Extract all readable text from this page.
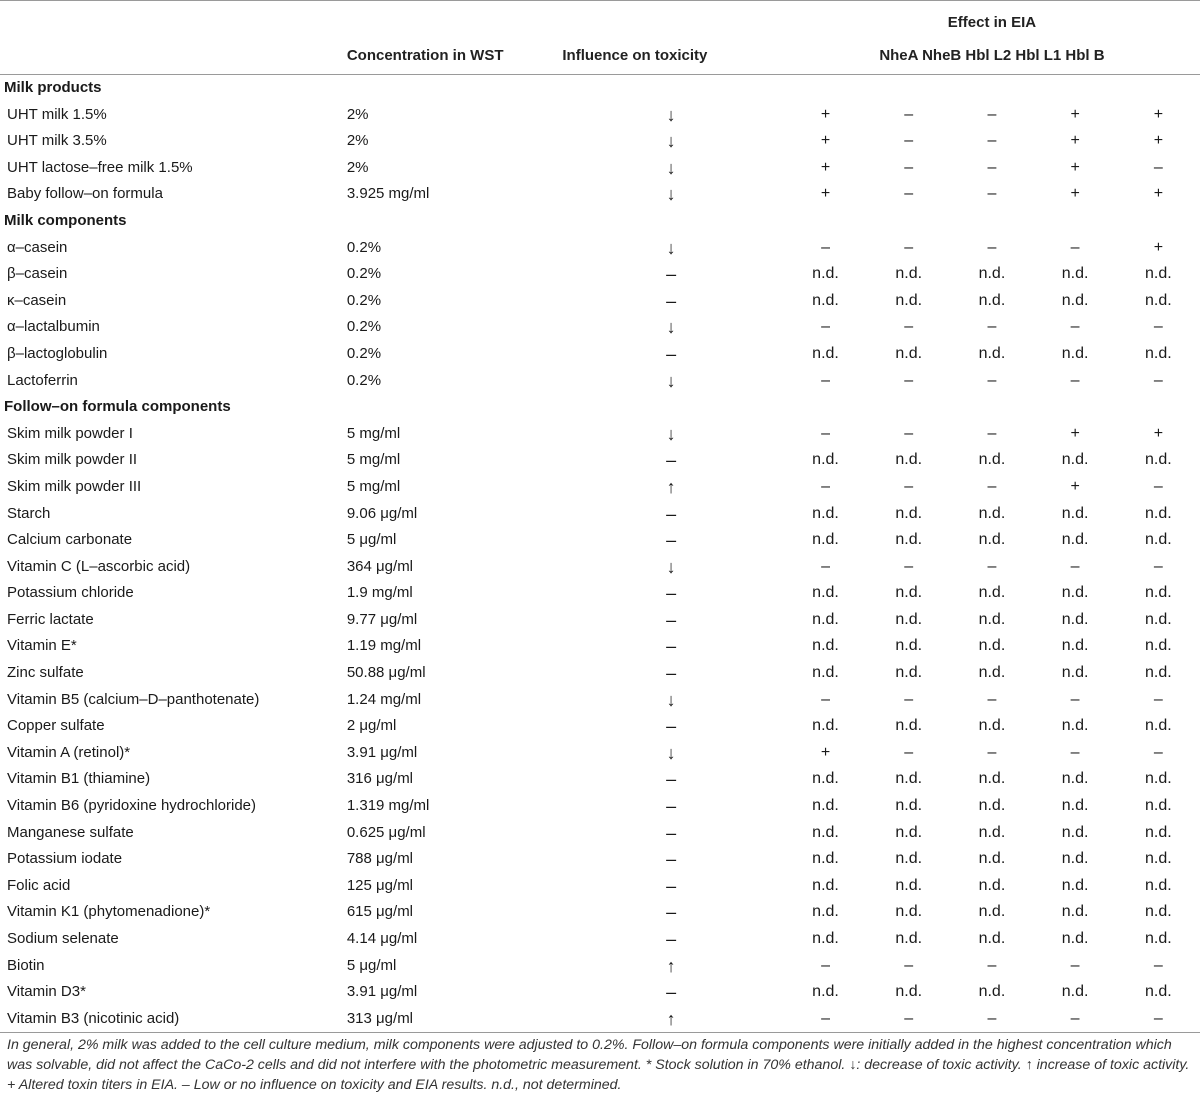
			Effect in EIA				
	Concentration in WST	Influence on toxicity	NheA NheB Hbl L2 Hbl L1 Hbl B				
Milk products							
UHT milk 1.5%	2%	↓	+	–	–	+	+
UHT milk 3.5%	2%	↓	+	–	–	+	+
UHT lactose–free milk 1.5%	2%	↓	+	–	–	+	–
Baby follow–on formula	3.925 mg/ml	↓	+	–	–	+	+
Milk components							
α–casein	0.2%	↓	–	–	–	–	+
β–casein	0.2%	–	n.d.	n.d.	n.d.	n.d.	n.d.
κ–casein	0.2%	–	n.d.	n.d.	n.d.	n.d.	n.d.
α–lactalbumin	0.2%	↓	–	–	–	–	–
β–lactoglobulin	0.2%	–	n.d.	n.d.	n.d.	n.d.	n.d.
Lactoferrin	0.2%	↓	–	–	–	–	–
Follow–on formula components							
Skim milk powder I	5 mg/ml	↓	–	–	–	+	+
Skim milk powder II	5 mg/ml	–	n.d.	n.d.	n.d.	n.d.	n.d.
Skim milk powder III	5 mg/ml	↑	–	–	–	+	–
Starch	9.06 μg/ml	–	n.d.	n.d.	n.d.	n.d.	n.d.
Calcium carbonate	5 μg/ml	–	n.d.	n.d.	n.d.	n.d.	n.d.
Vitamin C (L–ascorbic acid)	364 μg/ml	↓	–	–	–	–	–
Potassium chloride	1.9 mg/ml	–	n.d.	n.d.	n.d.	n.d.	n.d.
Ferric lactate	9.77 μg/ml	–	n.d.	n.d.	n.d.	n.d.	n.d.
Vitamin E*	1.19 mg/ml	–	n.d.	n.d.	n.d.	n.d.	n.d.
Zinc sulfate	50.88 μg/ml	–	n.d.	n.d.	n.d.	n.d.	n.d.
Vitamin B5 (calcium–D–panthotenate)	1.24 mg/ml	↓	–	–	–	–	–
Copper sulfate	2 μg/ml	–	n.d.	n.d.	n.d.	n.d.	n.d.
Vitamin A (retinol)*	3.91 μg/ml	↓	+	–	–	–	–
Vitamin B1 (thiamine)	316 μg/ml	–	n.d.	n.d.	n.d.	n.d.	n.d.
Vitamin B6 (pyridoxine hydrochloride)	1.319 mg/ml	–	n.d.	n.d.	n.d.	n.d.	n.d.
Manganese sulfate	0.625 μg/ml	–	n.d.	n.d.	n.d.	n.d.	n.d.
Potassium iodate	788 μg/ml	–	n.d.	n.d.	n.d.	n.d.	n.d.
Folic acid	125 μg/ml	–	n.d.	n.d.	n.d.	n.d.	n.d.
Vitamin K1 (phytomenadione)*	615 μg/ml	–	n.d.	n.d.	n.d.	n.d.	n.d.
Sodium selenate	4.14 μg/ml	–	n.d.	n.d.	n.d.	n.d.	n.d.
Biotin	5 μg/ml	↑	–	–	–	–	–
Vitamin D3*	3.91 μg/ml	–	n.d.	n.d.	n.d.	n.d.	n.d.
Vitamin B3 (nicotinic acid)	313 μg/ml	↑	–	–	–	–	–
In general, 2% milk was added to the cell culture medium, milk components were adjusted to 0.2%. Follow–on formula components were initially added in the highest concentration which was solvable, did not affect the CaCo-2 cells and did not interfere with the photometric measurement. * Stock solution in 70% ethanol. ↓: decrease of toxic activity. ↑ increase of toxic activity. + Altered toxin titers in EIA. – Low or no influence on toxicity and EIA results. n.d., not determined.
